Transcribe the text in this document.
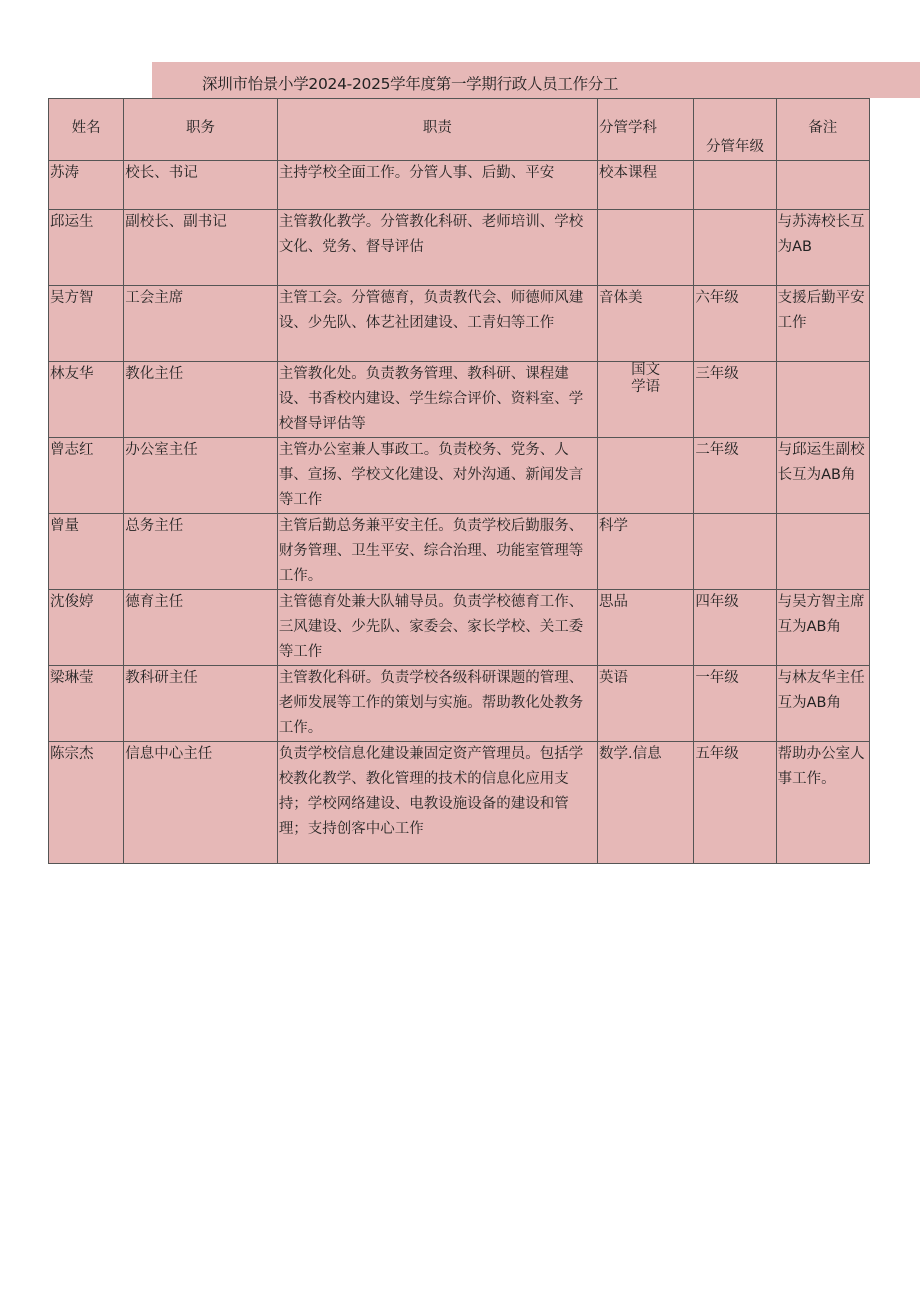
深圳市怡景小学2024-2025学年度第一学期行政人员工作分工
姓名	职务	职责	分管学科	分管年级	备注
苏涛	校长、书记	主持学校全面工作。分管人事、后勤、平安	校本课程		
邱运生	副校长、副书记	主管教化教学。分管教化科研、老师培训、学校文化、党务、督导评估			与苏涛校长互为AB
吴方智	工会主席	主管工会。分管德育，负责教代会、师德师风建设、少先队、体艺社团建设、工青妇等工作	音体美	六年级	支援后勤平安工作
林友华	教化主任	主管教化处。负责教务管理、教科研、课程建设、书香校内建设、学生综合评价、资料室、学校督导评估等	国文学语	三年级	
曾志红	办公室主任	主管办公室兼人事政工。负责校务、党务、人事、宣扬、学校文化建设、对外沟通、新闻发言等工作		二年级	与邱运生副校长互为AB角
曾量	总务主任	主管后勤总务兼平安主任。负责学校后勤服务、财务管理、卫生平安、综合治理、功能室管理等工作。	科学		
沈俊婷	德育主任	主管德育处兼大队辅导员。负责学校德育工作、三风建设、少先队、家委会、家长学校、关工委等工作	思品	四年级	与吴方智主席互为AB角
梁琳莹	教科研主任	主管教化科研。负责学校各级科研课题的管理、老师发展等工作的策划与实施。帮助教化处教务工作。	英语	一年级	与林友华主任互为AB角
陈宗杰	信息中心主任	负责学校信息化建设兼固定资产管理员。包括学校教化教学、教化管理的技术的信息化应用支持；学校网络建设、电教设施设备的建设和管理；支持创客中心工作	数学.信息	五年级	帮助办公室人事工作。
